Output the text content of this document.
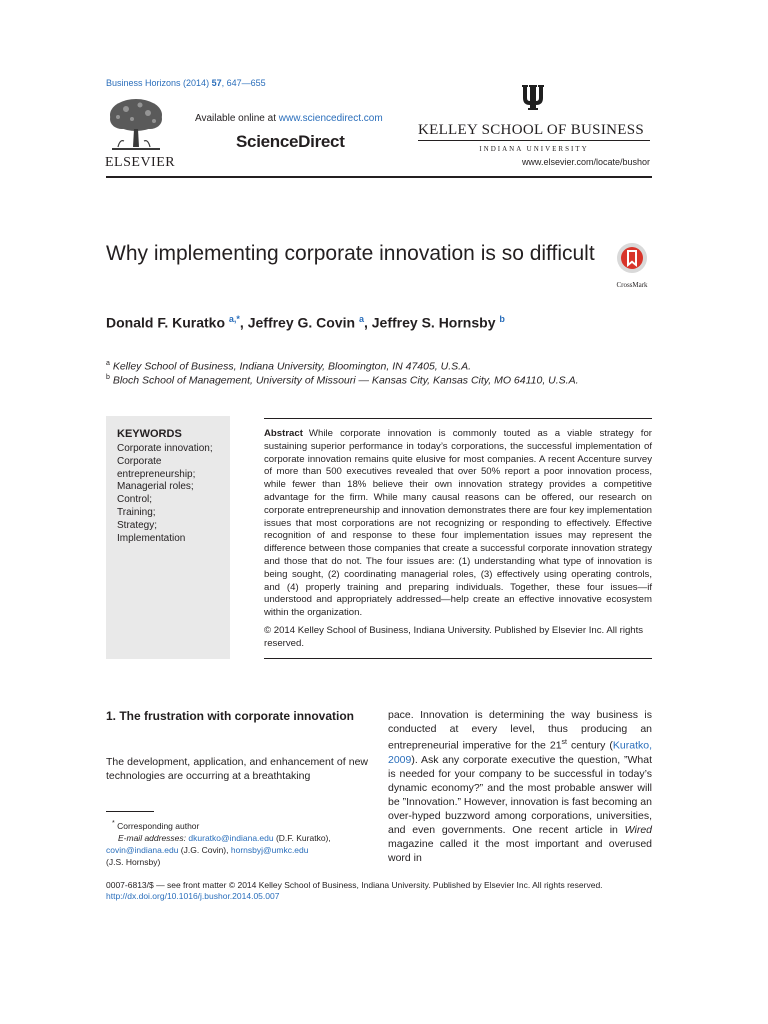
Business Horizons (2014) 57, 647—655
ELSEVIER
Available online at www.sciencedirect.com
ScienceDirect
KELLEY SCHOOL OF BUSINESS
INDIANA UNIVERSITY
www.elsevier.com/locate/bushor
Why implementing corporate innovation is so difficult
CrossMark
Donald F. Kuratko $^{a,*}$, Jeffrey G. Covin $^a$, Jeffrey S. Hornsby $^b$
$^a$ Kelley School of Business, Indiana University, Bloomington, IN 47405, U.S.A.
$^b$ Bloch School of Management, University of Missouri — Kansas City, Kansas City, MO 64110, U.S.A.
KEYWORDS
Corporate innovation;
Corporate entrepreneurship;
Managerial roles;
Control;
Training;
Strategy;
Implementation
Abstract While corporate innovation is commonly touted as a viable strategy for sustaining superior performance in today’s corporations, the successful implementation of corporate innovation remains quite elusive for most companies. A recent Accenture survey of more than 500 executives revealed that over 50% report a poor innovation process, while fewer than 18% believe their own innovation strategy provides a competitive advantage for the firm. While many causal reasons can be offered, our research on corporate entrepreneurship and innovation demonstrates there are four key implementation issues that most corporations are not recognizing or responding to effectively. Effective recognition of and response to these four implementation issues may represent the difference between those companies that create a successful corporate innovation strategy and those that do not. The four issues are: (1) understanding what type of innovation is being sought, (2) coordinating managerial roles, (3) effectively using operating controls, and (4) properly training and preparing individuals. Together, these four issues—if understood and appropriately addressed—help create an effective innovative ecosystem within the organization.
© 2014 Kelley School of Business, Indiana University. Published by Elsevier Inc. All rights reserved.
1. The frustration with corporate innovation
The development, application, and enhancement of new technologies are occurring at a breathtaking
pace. Innovation is determining the way business is conducted at every level, thus producing an entrepreneurial imperative for the 21st century (Kuratko, 2009). Ask any corporate executive the question, ”What is needed for your company to be successful in today’s dynamic economy?” and the most probable answer will be ”Innovation.” However, innovation is fast becoming an over-hyped buzzword among corporations, universities, and even governments. One recent article in Wired magazine called it the most important and overused word in
* Corresponding author
E-mail addresses: dkuratko@indiana.edu (D.F. Kuratko),
covin@indiana.edu (J.G. Covin), hornsbyj@umkc.edu
(J.S. Hornsby)
0007-6813/$ — see front matter © 2014 Kelley School of Business, Indiana University. Published by Elsevier Inc. All rights reserved.
http://dx.doi.org/10.1016/j.bushor.2014.05.007
